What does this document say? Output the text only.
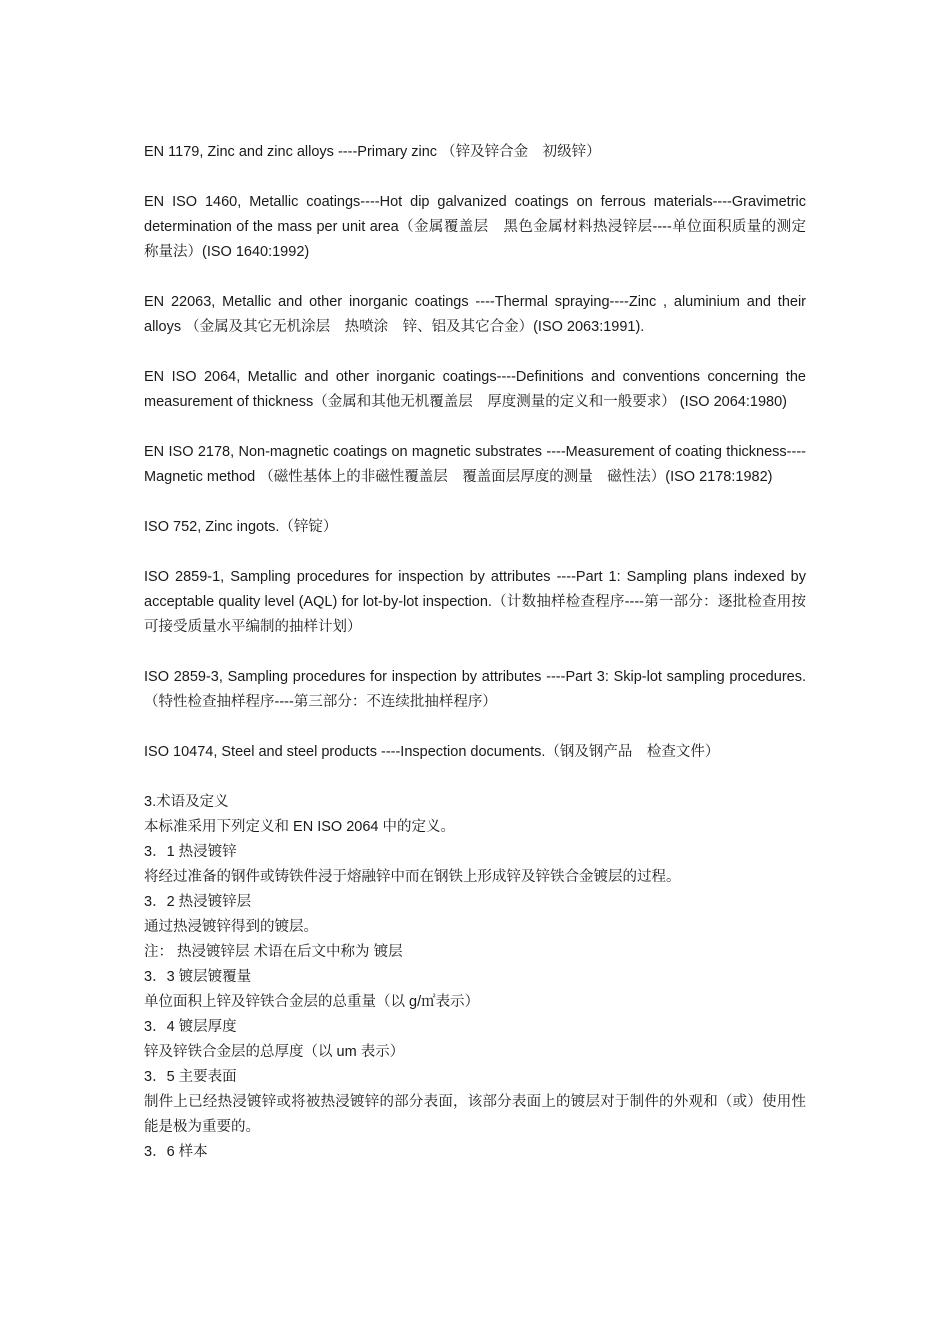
EN 1179, Zinc and zinc alloys ----Primary zinc （锌及锌合金　初级锌）

EN ISO 1460, Metallic coatings----Hot dip galvanized coatings on ferrous materials----Gravimetric determination of the mass per unit area（金属覆盖层　黑色金属材料热浸锌层----单位面积质量的测定　称量法）(ISO 1640:1992)

EN 22063, Metallic and other inorganic coatings ----Thermal spraying----Zinc , aluminium and their alloys （金属及其它无机涂层　热喷涂　锌、铝及其它合金）(ISO 2063:1991).

EN ISO 2064, Metallic and other inorganic coatings----Definitions and conventions concerning the measurement of thickness（金属和其他无机覆盖层　厚度测量的定义和一般要求） (ISO 2064:1980)

EN ISO 2178, Non-magnetic coatings on magnetic substrates ----Measurement of coating thickness----Magnetic method （磁性基体上的非磁性覆盖层　覆盖面层厚度的测量　磁性法）(ISO 2178:1982)

ISO 752, Zinc ingots.（锌锭）

ISO 2859-1, Sampling procedures for inspection by attributes ----Part 1: Sampling plans indexed by acceptable quality level (AQL) for lot-by-lot inspection.（计数抽样检查程序----第一部分：逐批检查用按可接受质量水平编制的抽样计划）

ISO 2859-3, Sampling procedures for inspection by attributes ----Part 3: Skip-lot sampling procedures.（特性检查抽样程序----第三部分：不连续批抽样程序）

ISO 10474, Steel and steel products ----Inspection documents.（钢及钢产品　检查文件）

3.术语及定义

本标准采用下列定义和 EN ISO 2064 中的定义。

3．1 热浸镀锌

将经过准备的钢件或铸铁件浸于熔融锌中而在钢铁上形成锌及锌铁合金镀层的过程。

3．2 热浸镀锌层

通过热浸镀锌得到的镀层。

注： 热浸镀锌层 术语在后文中称为 镀层

3．3 镀层镀覆量

单位面积上锌及锌铁合金层的总重量（以 g/㎡表示）

3．4 镀层厚度

锌及锌铁合金层的总厚度（以 um 表示）

3．5 主要表面

制件上已经热浸镀锌或将被热浸镀锌的部分表面，该部分表面上的镀层对于制件的外观和（或）使用性能是极为重要的。

3．6 样本
